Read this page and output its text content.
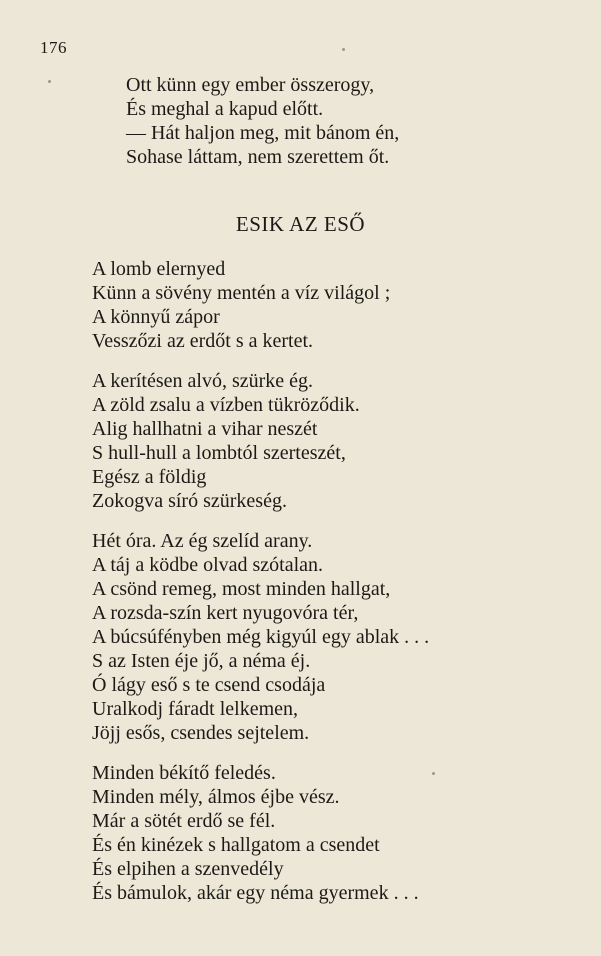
176
Ott künn egy ember összerogy,
És meghal a kapud előtt.
— Hát haljon meg, mit bánom én,
Sohase láttam, nem szerettem őt.
ESIK AZ ESŐ
A lomb elernyed
Künn a sövény mentén a víz világol ;
A könnyű zápor
Vesszőzi az erdőt s a kertet.
A kerítésen alvó, szürke ég.
A zöld zsalu a vízben tükröződik.
Alig hallhatni a vihar neszét
S hull-hull a lombtól szerteszét,
Egész a földig
Zokogva síró szürkeség.
Hét óra. Az ég szelíd arany.
A táj a ködbe olvad szótalan.
A csönd remeg, most minden hallgat,
A rozsda-szín kert nyugovóra tér,
A búcsúfényben még kigyúl egy ablak . . .
S az Isten éje jő, a néma éj.
Ó lágy eső s te csend csodája
Uralkodj fáradt lelkemen,
Jöjj esős, csendes sejtelem.
Minden békítő feledés.
Minden mély, álmos éjbe vész.
Már a sötét erdő se fél.
És én kinézek s hallgatom a csendet
És elpihen a szenvedély
És bámulok, akár egy néma gyermek . . .
